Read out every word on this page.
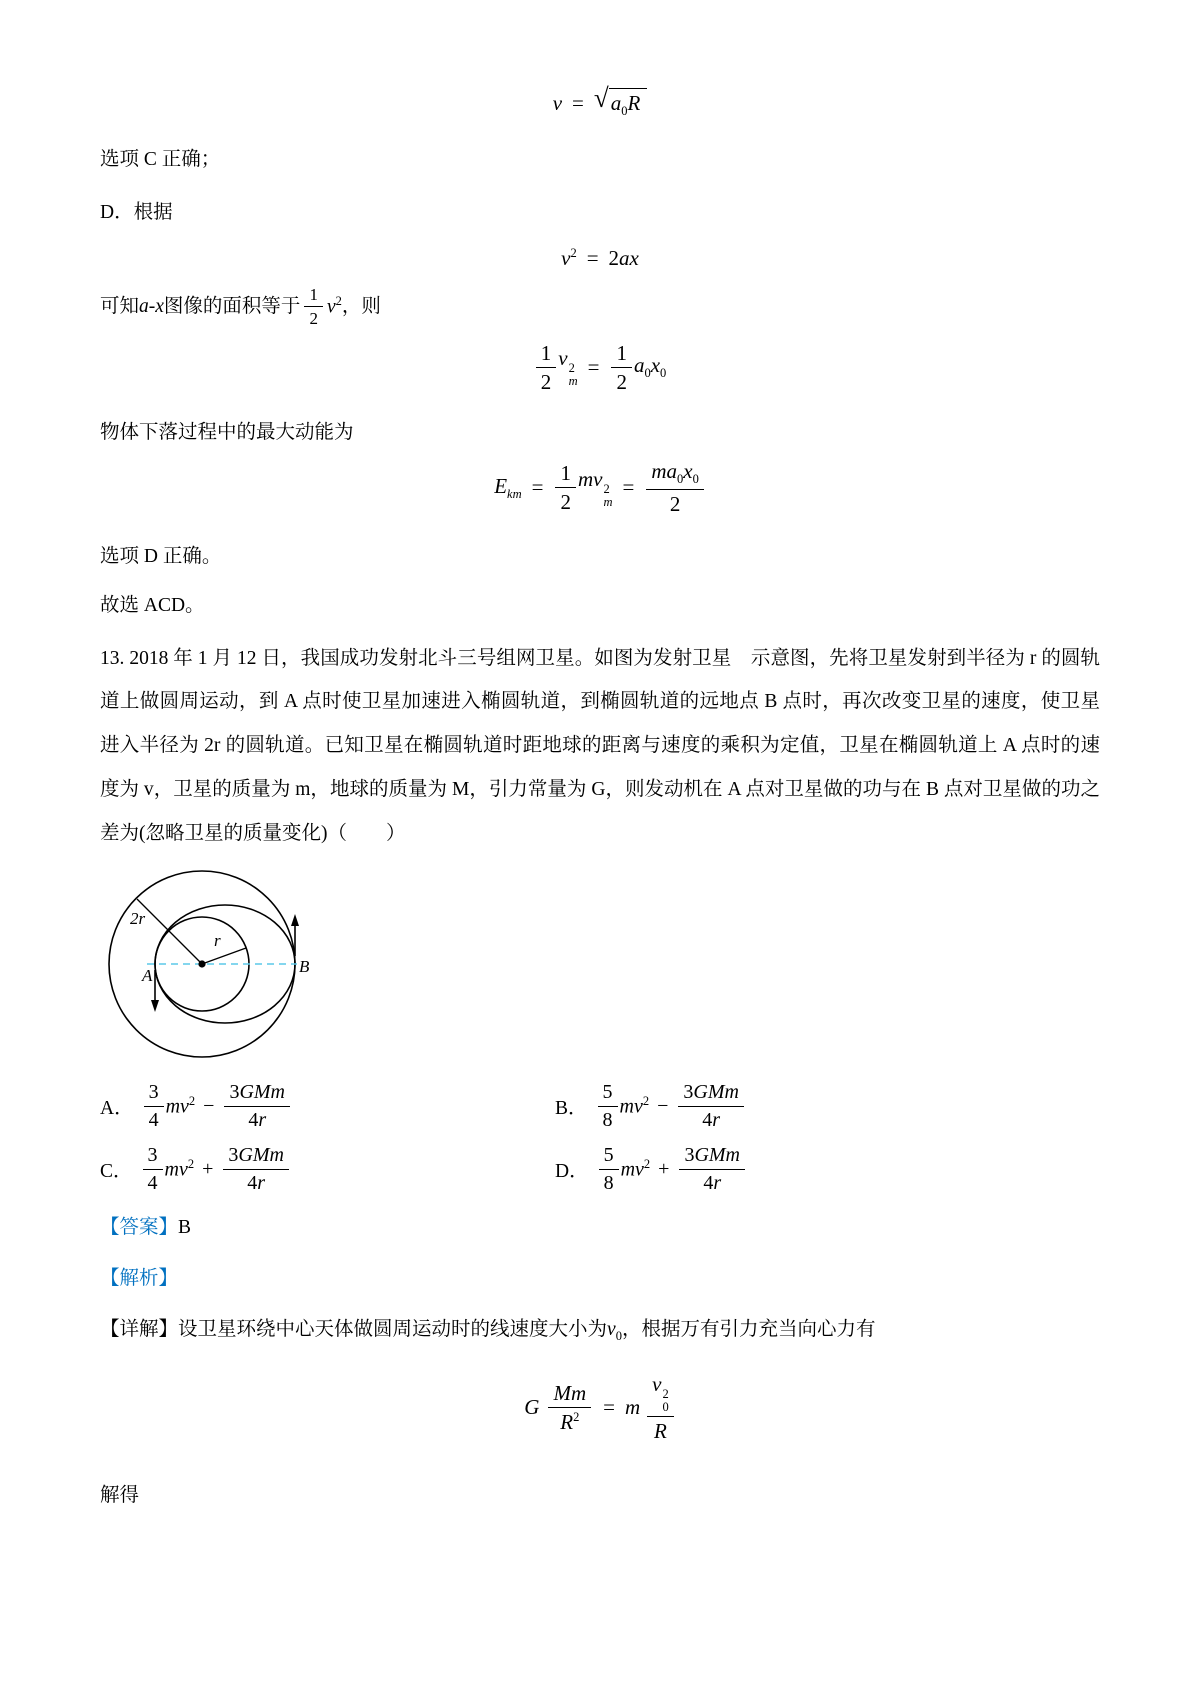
v = √ $a_0R$
选项 C 正确；
D．根据
$v^2 = 2ax$
可知 a-x 图像的面积等于 $\frac{1}{2} v^2$ ，则
$\frac{1}{2}$ v 2
m
= $\frac{1}{2} a_0x_0$
物体下落过程中的最大动能为
$E_{km} = \frac{1}{2}$ mv 2
m
= $\frac{ma_0x_0}{2}$
选项 D 正确。
故选 ACD。
13. 2018 年 1 月 12 日，我国成功发射北斗三号组网卫星。如图为发射卫星　示意图，先将卫星发射到半径为 r 的圆轨道上做圆周运动，到 A 点时使卫星加速进入椭圆轨道，到椭圆轨道的远地点 B 点时，再次改变卫星的速度，使卫星进入半径为 2r 的圆轨道。已知卫星在椭圆轨道时距地球的距离与速度的乘积为定值，卫星在椭圆轨道上 A 点时的速度为 v，卫星的质量为 m，地球的质量为 M，引力常量为 G，则发动机在 A 点对卫星做的功与在 B 点对卫星做的功之差为(忽略卫星的质量变化)（　　）
2r
r
A	B
A． $\frac{3}{4} mv^2 - \frac{\text{3GMm}}{4r}$	B． $\frac{5}{8} mv^2 - \frac{\text{3GMm}}{4r}$
C． $\frac{3}{4} mv^2 + \frac{\text{3GMm}}{4r}$	D． $\frac{5}{8} mv^2 + \frac{\text{3GMm}}{4r}$
【答案】B
【解析】
【详解】设卫星环绕中心天体做圆周运动时的线速度大小为$v_0$，根据万有引力充当向心力有
G $\frac{Mm}{R^2} = m$ v 2
0
R
解得
